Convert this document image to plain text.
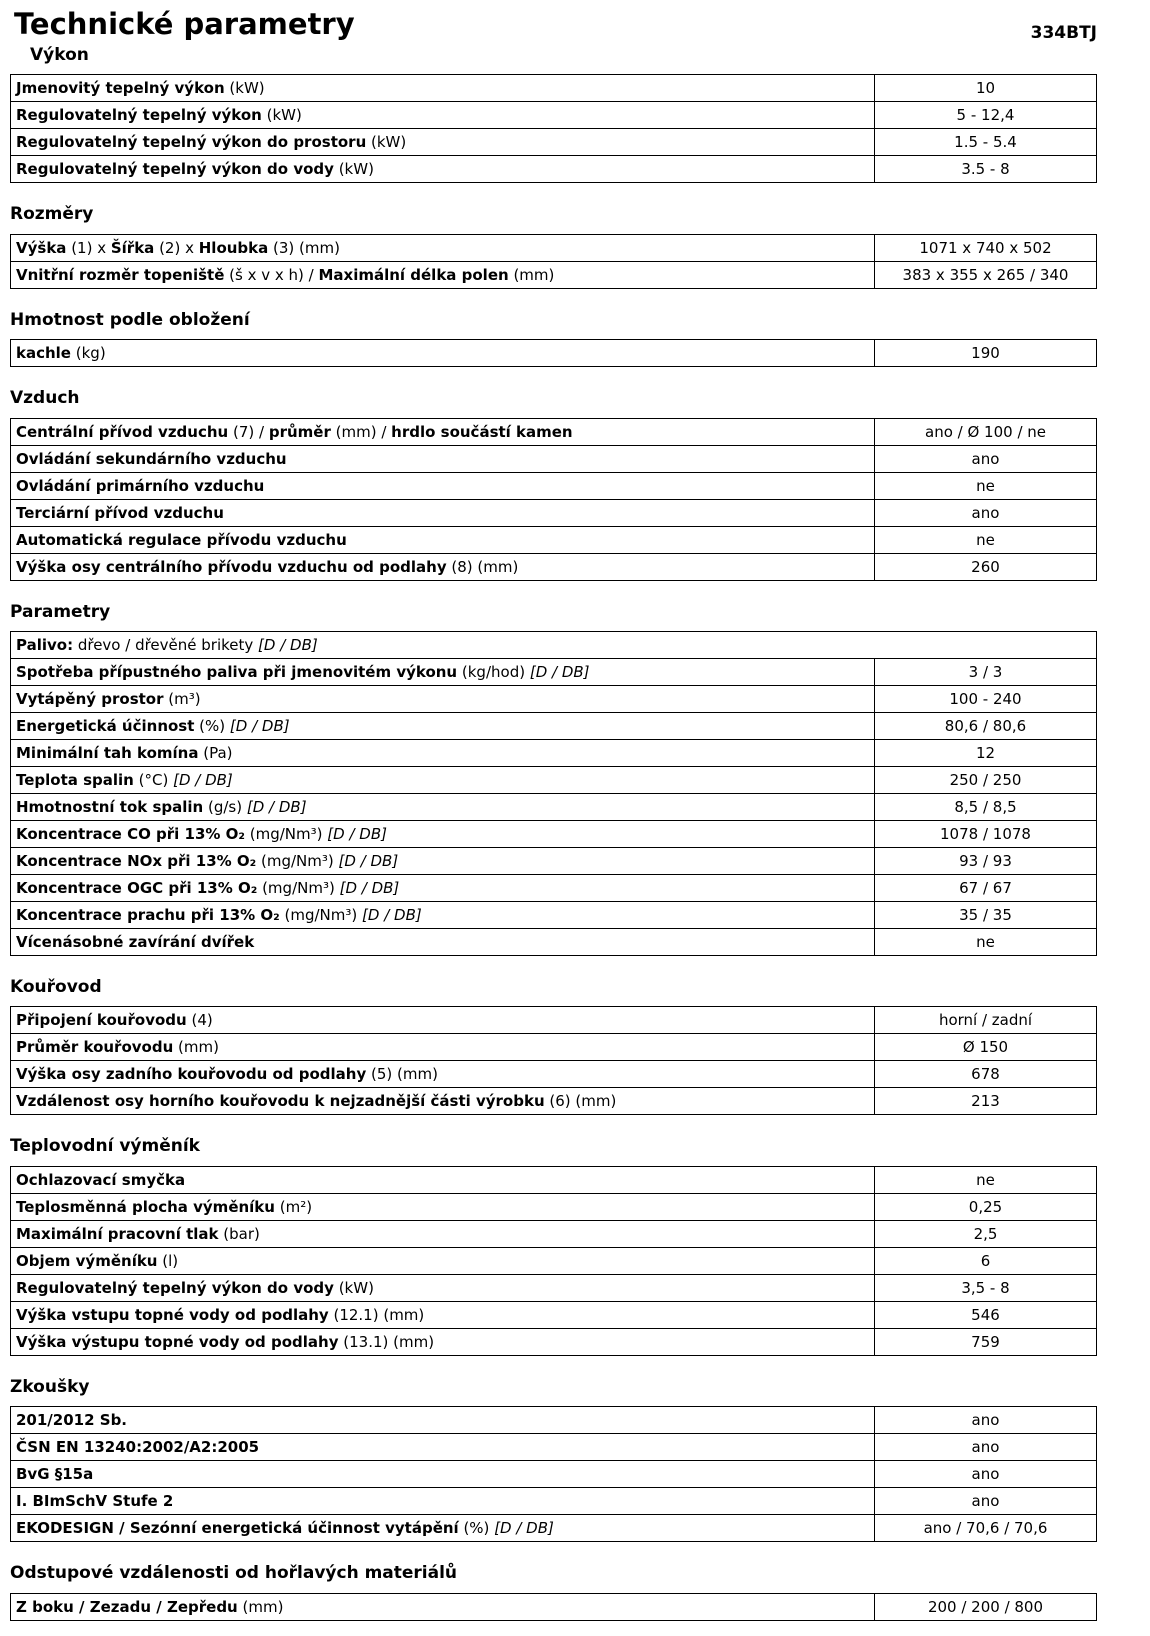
Technické parametry	334BTJ
Výkon
Jmenovitý tepelný výkon (kW)	10
Regulovatelný tepelný výkon (kW)	5 - 12,4
Regulovatelný tepelný výkon do prostoru (kW)	1.5 - 5.4
Regulovatelný tepelný výkon do vody (kW)	3.5 - 8
Rozměry
Výška (1) x Šířka (2) x Hloubka (3) (mm)	1071 x 740 x 502
Vnitřní rozměr topeniště (š x v x h) / Maximální délka polen (mm)	383 x 355 x 265 / 340
Hmotnost podle obložení
kachle (kg)	190
Vzduch
Centrální přívod vzduchu (7) / průměr (mm) / hrdlo součástí kamen	ano / Ø 100 / ne
Ovládání sekundárního vzduchu	ano
Ovládání primárního vzduchu	ne
Terciární přívod vzduchu	ano
Automatická regulace přívodu vzduchu	ne
Výška osy centrálního přívodu vzduchu od podlahy (8) (mm)	260
Parametry
Palivo: dřevo / dřevěné brikety [D / DB]	
Spotřeba přípustného paliva při jmenovitém výkonu (kg/hod) [D / DB]	3 / 3
Vytápěný prostor (m³)	100 - 240
Energetická účinnost (%) [D / DB]	80,6 / 80,6
Minimální tah komína (Pa)	12
Teplota spalin (°C) [D / DB]	250 / 250
Hmotnostní tok spalin (g/s) [D / DB]	8,5 / 8,5
Koncentrace CO při 13% O₂ (mg/Nm³) [D / DB]	1078 / 1078
Koncentrace NOx při 13% O₂ (mg/Nm³) [D / DB]	93 / 93
Koncentrace OGC při 13% O₂ (mg/Nm³) [D / DB]	67 / 67
Koncentrace prachu při 13% O₂ (mg/Nm³) [D / DB]	35 / 35
Vícenásobné zavírání dvířek	ne
Kouřovod
Připojení kouřovodu (4)	horní / zadní
Průměr kouřovodu (mm)	Ø 150
Výška osy zadního kouřovodu od podlahy (5) (mm)	678
Vzdálenost osy horního kouřovodu k nejzadnější části výrobku (6) (mm)	213
Teplovodní výměník
Ochlazovací smyčka	ne
Teplosměnná plocha výměníku (m²)	0,25
Maximální pracovní tlak (bar)	2,5
Objem výměníku (l)	6
Regulovatelný tepelný výkon do vody (kW)	3,5 - 8
Výška vstupu topné vody od podlahy (12.1) (mm)	546
Výška výstupu topné vody od podlahy (13.1) (mm)	759
Zkoušky
201/2012 Sb.	ano
ČSN EN 13240:2002/A2:2005	ano
BvG §15a	ano
I. BImSchV Stufe 2	ano
EKODESIGN / Sezónní energetická účinnost vytápění (%) [D / DB]	ano / 70,6 / 70,6
Odstupové vzdálenosti od hořlavých materiálů
Z boku / Zezadu / Zepředu (mm)	200 / 200 / 800
